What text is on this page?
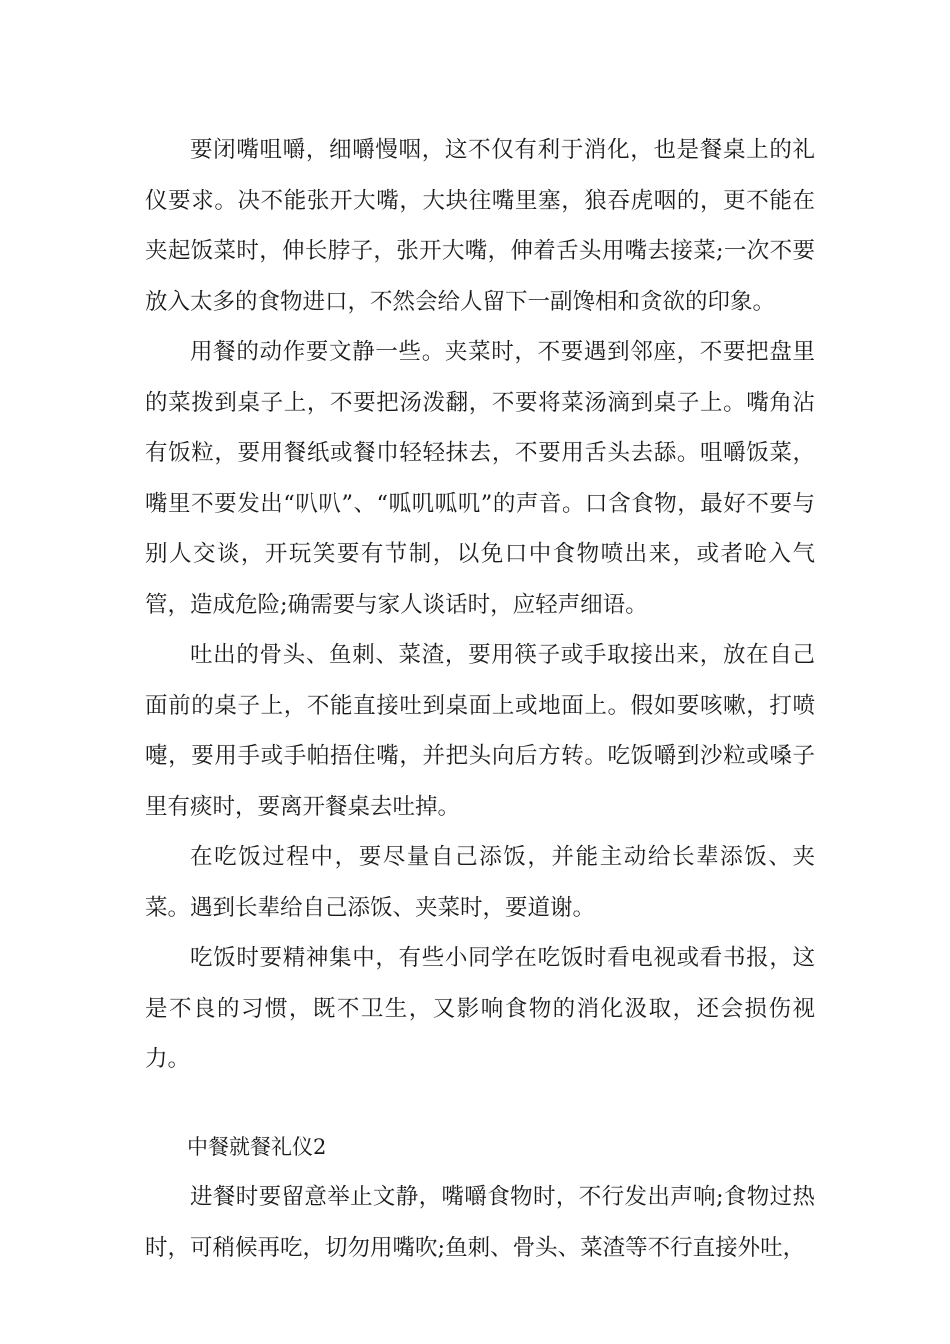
要闭嘴咀嚼，细嚼慢咽，这不仅有利于消化，也是餐桌上的礼仪要求。决不能张开大嘴，大块往嘴里塞，狼吞虎咽的，更不能在夹起饭菜时，伸长脖子，张开大嘴，伸着舌头用嘴去接菜;一次不要放入太多的食物进口，不然会给人留下一副馋相和贪欲的印象。

用餐的动作要文静一些。夹菜时，不要遇到邻座，不要把盘里的菜拨到桌子上，不要把汤泼翻，不要将菜汤滴到桌子上。嘴角沾有饭粒，要用餐纸或餐巾轻轻抹去，不要用舌头去舔。咀嚼饭菜，嘴里不要发出“叭叭”、“呱叽呱叽”的声音。口含食物，最好不要与别人交谈，开玩笑要有节制，以免口中食物喷出来，或者呛入气管，造成危险;确需要与家人谈话时，应轻声细语。

吐出的骨头、鱼刺、菜渣，要用筷子或手取接出来，放在自己面前的桌子上，不能直接吐到桌面上或地面上。假如要咳嗽，打喷嚏，要用手或手帕捂住嘴，并把头向后方转。吃饭嚼到沙粒或嗓子里有痰时，要离开餐桌去吐掉。

在吃饭过程中，要尽量自己添饭，并能主动给长辈添饭、夹菜。遇到长辈给自己添饭、夹菜时，要道谢。

吃饭时要精神集中，有些小同学在吃饭时看电视或看书报，这是不良的习惯，既不卫生，又影响食物的消化汲取，还会损伤视力。

中餐就餐礼仪2

进餐时要留意举止文静，嘴嚼食物时，不行发出声响;食物过热时，可稍候再吃，切勿用嘴吹;鱼刺、骨头、菜渣等不行直接外吐，
